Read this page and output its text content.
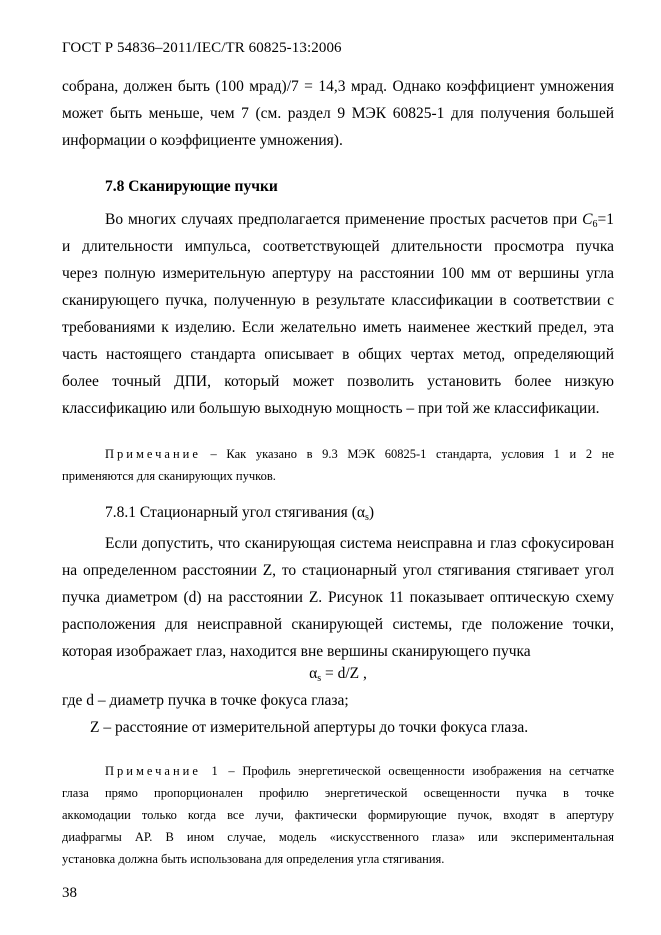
ГОСТ Р 54836–2011/IEC/TR 60825-13:2006
собрана, должен быть (100 мрад)/7 = 14,3 мрад. Однако коэффициент умножения
может быть меньше, чем 7 (см. раздел 9 МЭК 60825-1 для получения большей
информации о коэффициенте умножения).
7.8 Сканирующие пучки
Во многих случаях предполагается применение простых расчетов при $C_6=1$
и длительности импульса, соответствующей длительности просмотра пучка
через полную измерительную апертуру на расстоянии 100 мм от вершины угла
сканирующего пучка, полученную в результате классификации в соответствии с
требованиями к изделию. Если желательно иметь наименее жесткий предел, эта
часть настоящего стандарта описывает в общих чертах метод, определяющий
более точный ДПИ, который может позволить установить более низкую
классификацию или большую выходную мощность – при той же классификации.
Примечание – Как указано в 9.3 МЭК 60825-1 стандарта, условия 1 и 2 не
применяются для сканирующих пучков.
7.8.1 Стационарный угол стягивания $(\alpha_s)$
Если допустить, что сканирующая система неисправна и глаз сфокусирован
на определенном расстоянии Z, то стационарный угол стягивания стягивает угол
пучка диаметром (d) на расстоянии Z. Рисунок 11 показывает оптическую схему
расположения для неисправной сканирующей системы, где положение точки,
которая изображает глаз, находится вне вершины сканирующего пучка
$\alpha_s = d/Z$ ,
где d – диаметр пучка в точке фокуса глаза;
Z – расстояние от измерительной апертуры до точки фокуса глаза.
Примечание 1 – Профиль энергетической освещенности изображения на сетчатке
глаза прямо пропорционален профилю энергетической освещенности пучка в точке
аккомодации только когда все лучи, фактически формирующие пучок, входят в апертуру
диафрагмы АР. В ином случае, модель «искусственного глаза» или экспериментальная
установка должна быть использована для определения угла стягивания.
38
